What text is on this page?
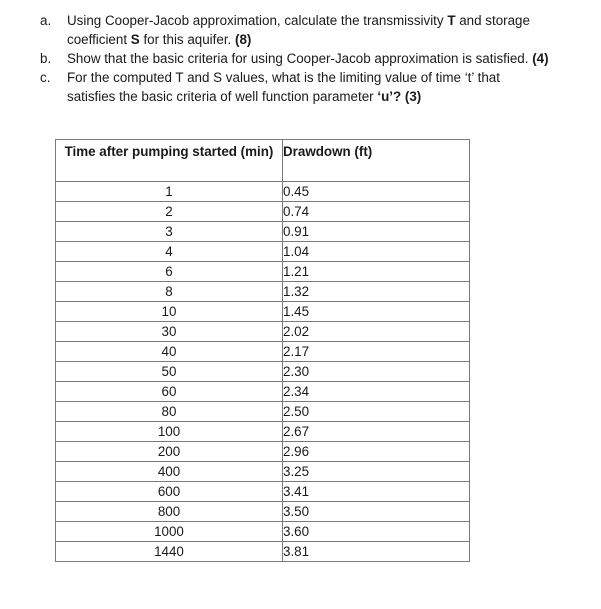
a.	Using Cooper-Jacob approximation, calculate the transmissivity T and storage
coefficient S for this aquifer. (8)
b.	Show that the basic criteria for using Cooper-Jacob approximation is satisfied. (4)
c.	For the computed T and S values, what is the limiting value of time ‘t’ that
satisfies the basic criteria of well function parameter ‘u’? (3)
Time after pumping started (min)	Drawdown (ft)
1	0.45
2	0.74
3	0.91
4	1.04
6	1.21
8	1.32
10	1.45
30	2.02
40	2.17
50	2.30
60	2.34
80	2.50
100	2.67
200	2.96
400	3.25
600	3.41
800	3.50
1000	3.60
1440	3.81
